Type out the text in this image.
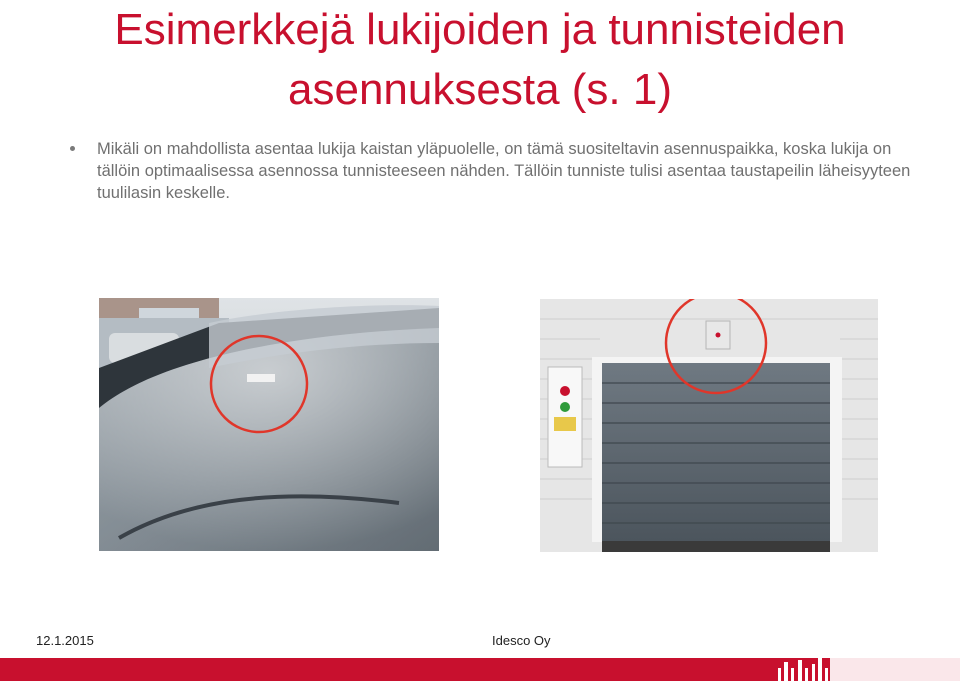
Esimerkkejä lukijoiden ja tunnisteiden
asennuksesta (s. 1)
Mikäli on mahdollista asentaa lukija kaistan yläpuolelle, on tämä suositeltavin asennuspaikka, koska lukija on tällöin optimaalisessa asennossa tunnisteeseen nähden. Tällöin tunniste tulisi asentaa taustapeilin läheisyyteen tuulilasin keskelle.
12.1.2015	Idesco Oy
